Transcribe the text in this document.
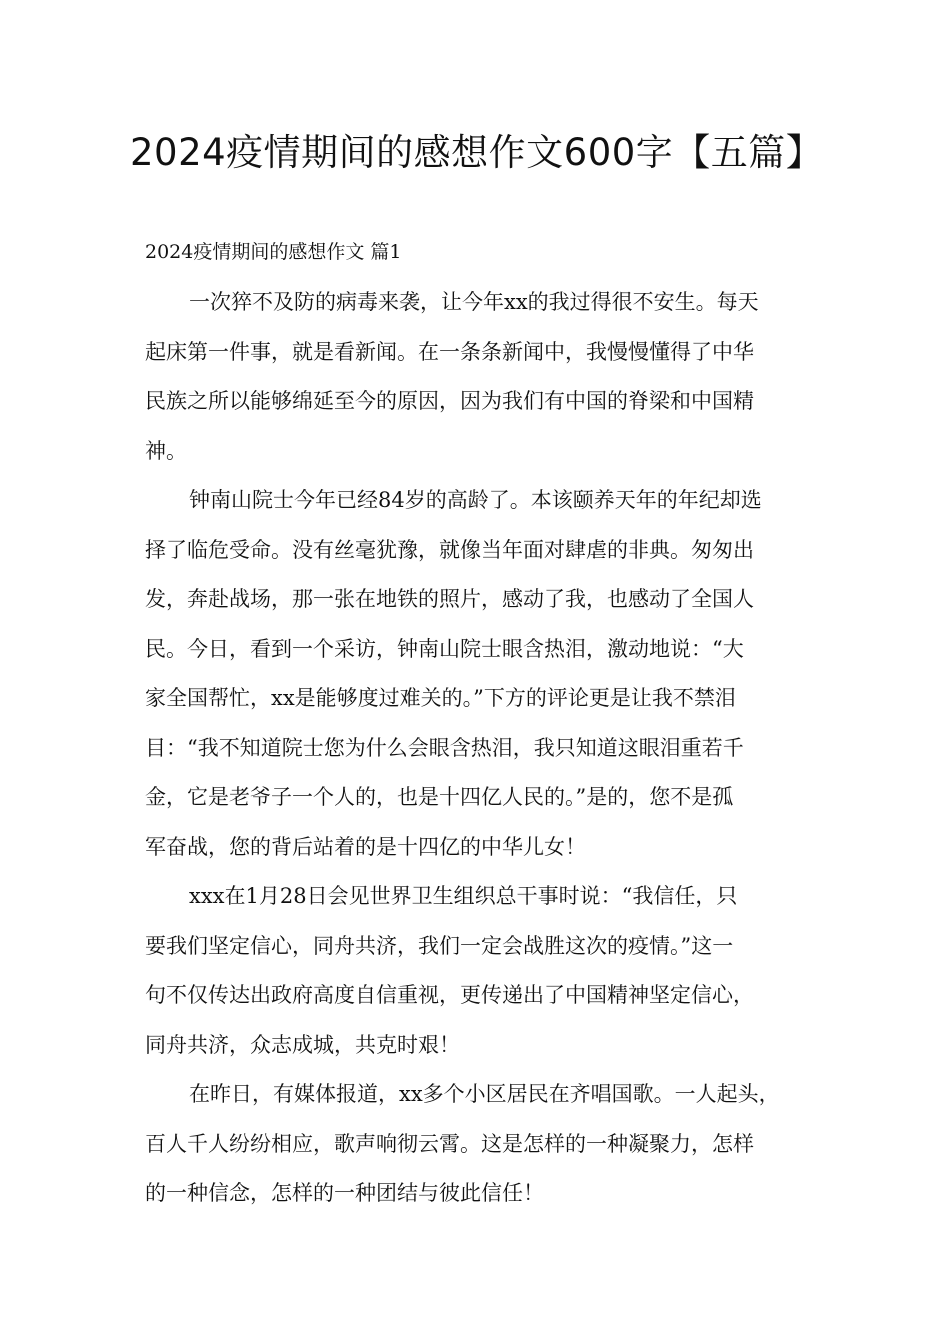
2024疫情期间的感想作文600字【五篇】
2024疫情期间的感想作文 篇1
一次猝不及防的病毒来袭，让今年xx的我过得很不安生。每天
起床第一件事，就是看新闻。在一条条新闻中，我慢慢懂得了中华
民族之所以能够绵延至今的原因，因为我们有中国的脊梁和中国精
神。
钟南山院士今年已经84岁的高龄了。本该颐养天年的年纪却选
择了临危受命。没有丝毫犹豫，就像当年面对肆虐的非典。匆匆出
发，奔赴战场，那一张在地铁的照片，感动了我，也感动了全国人
民。今日，看到一个采访，钟南山院士眼含热泪，激动地说：“大
家全国帮忙，xx是能够度过难关的。”下方的评论更是让我不禁泪
目：“我不知道院士您为什么会眼含热泪，我只知道这眼泪重若千
金，它是老爷子一个人的，也是十四亿人民的。”是的，您不是孤
军奋战，您的背后站着的是十四亿的中华儿女！
xxx在1月28日会见世界卫生组织总干事时说：“我信任，只
要我们坚定信心，同舟共济，我们一定会战胜这次的疫情。”这一
句不仅传达出政府高度自信重视，更传递出了中国精神坚定信心，
同舟共济，众志成城，共克时艰！
在昨日，有媒体报道，xx多个小区居民在齐唱国歌。一人起头，
百人千人纷纷相应，歌声响彻云霄。这是怎样的一种凝聚力，怎样
的一种信念，怎样的一种团结与彼此信任！
